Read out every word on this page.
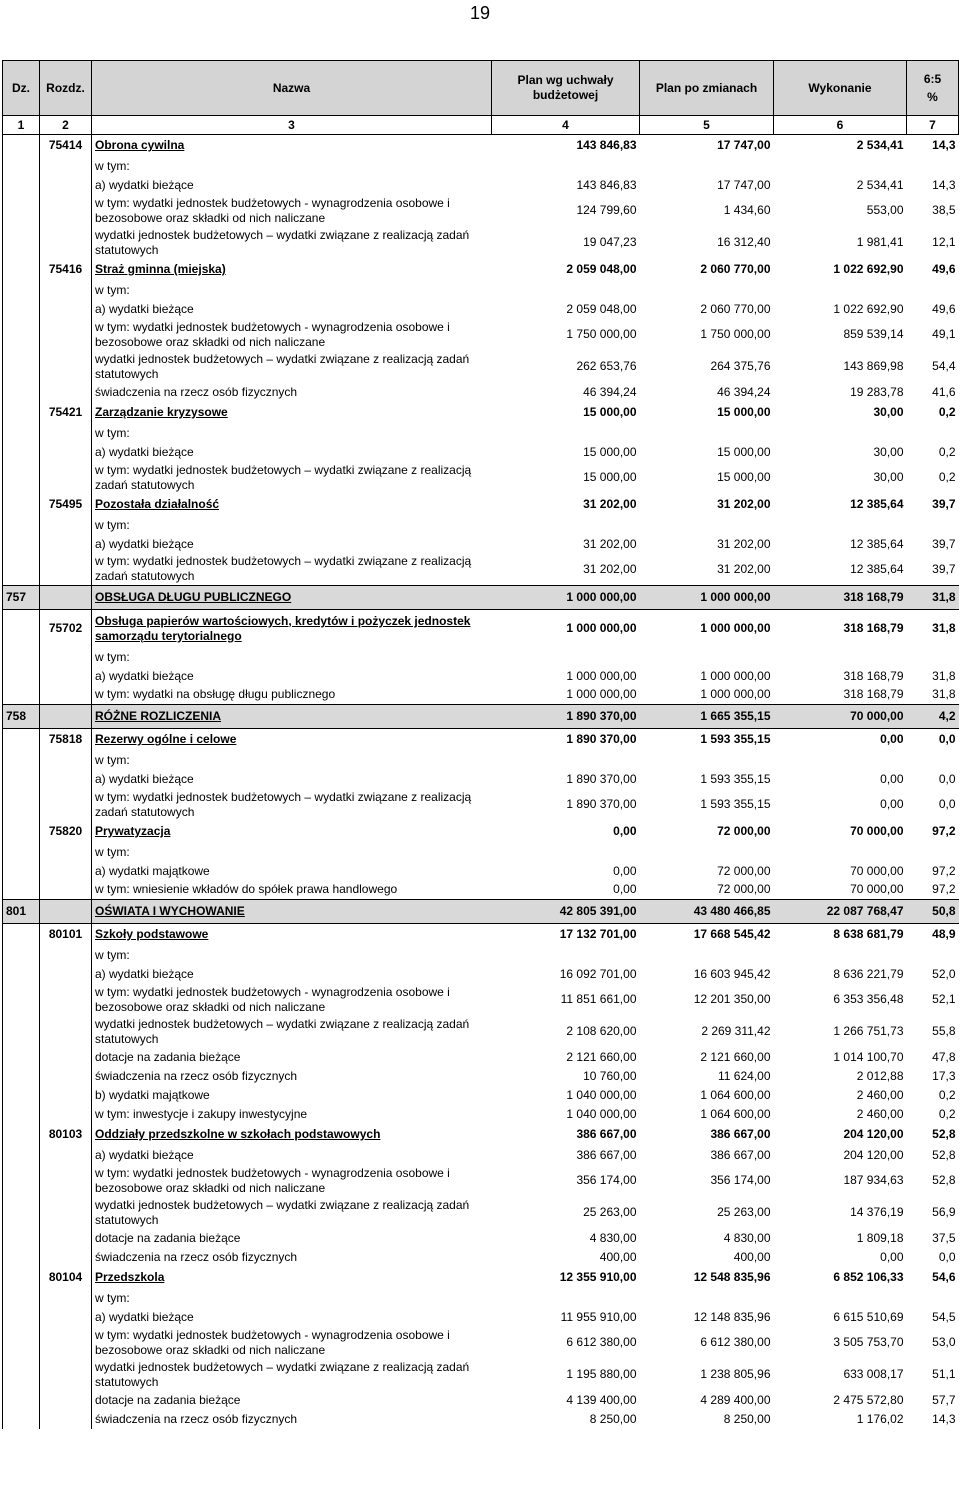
19
Dz.	Rozdz.	Nazwa	Plan wg uchwały budżetowej	Plan po zmianach	Wykonanie	6:5
%

1	2	3	4	5	6	7
	75414	Obrona cywilna	143 846,83	17 747,00	2 534,41	14,3
		w tym:				
		a) wydatki bieżące	143 846,83	17 747,00	2 534,41	14,3
		w tym: wydatki jednostek budżetowych - wynagrodzenia osobowe i bezosobowe oraz składki od nich naliczane	124 799,60	1 434,60	553,00	38,5
		wydatki jednostek budżetowych – wydatki związane z realizacją zadań statutowych	19 047,23	16 312,40	1 981,41	12,1
	75416	Straż gminna (miejska)	2 059 048,00	2 060 770,00	1 022 692,90	49,6
		w tym:				
		a) wydatki bieżące	2 059 048,00	2 060 770,00	1 022 692,90	49,6
		w tym: wydatki jednostek budżetowych - wynagrodzenia osobowe i bezosobowe oraz składki od nich naliczane	1 750 000,00	1 750 000,00	859 539,14	49,1
		wydatki jednostek budżetowych – wydatki związane z realizacją zadań statutowych	262 653,76	264 375,76	143 869,98	54,4
		świadczenia na rzecz osób fizycznych	46 394,24	46 394,24	19 283,78	41,6
	75421	Zarządzanie kryzysowe	15 000,00	15 000,00	30,00	0,2
		w tym:				
		a) wydatki bieżące	15 000,00	15 000,00	30,00	0,2
		w tym: wydatki jednostek budżetowych – wydatki związane z realizacją zadań statutowych	15 000,00	15 000,00	30,00	0,2
	75495	Pozostała działalność	31 202,00	31 202,00	12 385,64	39,7
		w tym:				
		a) wydatki bieżące	31 202,00	31 202,00	12 385,64	39,7
		w tym: wydatki jednostek budżetowych – wydatki związane z realizacją zadań statutowych	31 202,00	31 202,00	12 385,64	39,7
757		OBSŁUGA DŁUGU PUBLICZNEGO	1 000 000,00	1 000 000,00	318 168,79	31,8
	75702	Obsługa papierów wartościowych, kredytów i pożyczek jednostek samorządu terytorialnego	1 000 000,00	1 000 000,00	318 168,79	31,8
		w tym:				
		a) wydatki bieżące	1 000 000,00	1 000 000,00	318 168,79	31,8
		w tym: wydatki na obsługę długu publicznego	1 000 000,00	1 000 000,00	318 168,79	31,8
758		RÓŻNE ROZLICZENIA	1 890 370,00	1 665 355,15	70 000,00	4,2
	75818	Rezerwy ogólne i celowe	1 890 370,00	1 593 355,15	0,00	0,0
		w tym:				
		a) wydatki bieżące	1 890 370,00	1 593 355,15	0,00	0,0
		w tym: wydatki jednostek budżetowych – wydatki związane z realizacją zadań statutowych	1 890 370,00	1 593 355,15	0,00	0,0
	75820	Prywatyzacja	0,00	72 000,00	70 000,00	97,2
		w tym:				
		a) wydatki majątkowe	0,00	72 000,00	70 000,00	97,2
		w tym: wniesienie wkładów do spółek prawa handlowego	0,00	72 000,00	70 000,00	97,2
801		OŚWIATA I WYCHOWANIE	42 805 391,00	43 480 466,85	22 087 768,47	50,8
	80101	Szkoły podstawowe	17 132 701,00	17 668 545,42	8 638 681,79	48,9
		w tym:				
		a) wydatki bieżące	16 092 701,00	16 603 945,42	8 636 221,79	52,0
		w tym: wydatki jednostek budżetowych - wynagrodzenia osobowe i bezosobowe oraz składki od nich naliczane	11 851 661,00	12 201 350,00	6 353 356,48	52,1
		wydatki jednostek budżetowych – wydatki związane z realizacją zadań statutowych	2 108 620,00	2 269 311,42	1 266 751,73	55,8
		dotacje na zadania bieżące	2 121 660,00	2 121 660,00	1 014 100,70	47,8
		świadczenia na rzecz osób fizycznych	10 760,00	11 624,00	2 012,88	17,3
		b) wydatki majątkowe	1 040 000,00	1 064 600,00	2 460,00	0,2
		w tym: inwestycje i zakupy inwestycyjne	1 040 000,00	1 064 600,00	2 460,00	0,2
	80103	Oddziały przedszkolne w szkołach podstawowych	386 667,00	386 667,00	204 120,00	52,8
		a) wydatki bieżące	386 667,00	386 667,00	204 120,00	52,8
		w tym: wydatki jednostek budżetowych - wynagrodzenia osobowe i bezosobowe oraz składki od nich naliczane	356 174,00	356 174,00	187 934,63	52,8
		wydatki jednostek budżetowych – wydatki związane z realizacją zadań statutowych	25 263,00	25 263,00	14 376,19	56,9
		dotacje na zadania bieżące	4 830,00	4 830,00	1 809,18	37,5
		świadczenia na rzecz osób fizycznych	400,00	400,00	0,00	0,0
	80104	Przedszkola	12 355 910,00	12 548 835,96	6 852 106,33	54,6
		w tym:				
		a) wydatki bieżące	11 955 910,00	12 148 835,96	6 615 510,69	54,5
		w tym: wydatki jednostek budżetowych - wynagrodzenia osobowe i bezosobowe oraz składki od nich naliczane	6 612 380,00	6 612 380,00	3 505 753,70	53,0
		wydatki jednostek budżetowych – wydatki związane z realizacją zadań statutowych	1 195 880,00	1 238 805,96	633 008,17	51,1
		dotacje na zadania bieżące	4 139 400,00	4 289 400,00	2 475 572,80	57,7
		świadczenia na rzecz osób fizycznych	8 250,00	8 250,00	1 176,02	14,3
